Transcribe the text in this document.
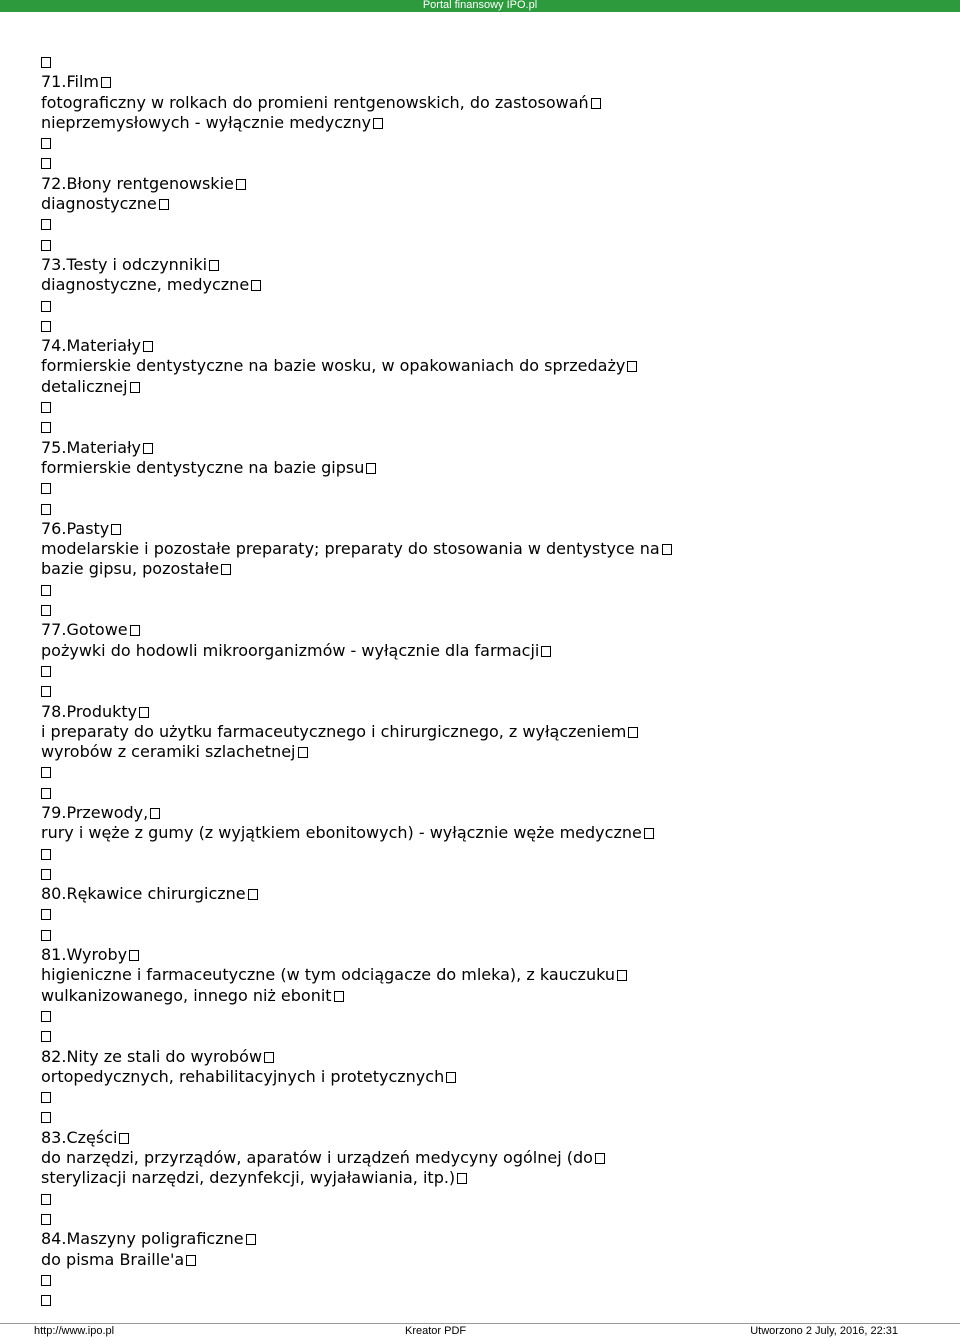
Portal finansowy IPO.pl
71.Film
fotograficzny w rolkach do promieni rentgenowskich, do zastosowań
nieprzemysłowych - wyłącznie medyczny
72.Błony rentgenowskie
diagnostyczne
73.Testy i odczynniki
diagnostyczne, medyczne
74.Materiały
formierskie dentystyczne na bazie wosku, w opakowaniach do sprzedaży
detalicznej
75.Materiały
formierskie dentystyczne na bazie gipsu
76.Pasty
modelarskie i pozostałe preparaty; preparaty do stosowania w dentystyce na
bazie gipsu, pozostałe
77.Gotowe
pożywki do hodowli mikroorganizmów - wyłącznie dla farmacji
78.Produkty
i preparaty do użytku farmaceutycznego i chirurgicznego, z wyłączeniem
wyrobów z ceramiki szlachetnej
79.Przewody,
rury i węże z gumy (z wyjątkiem ebonitowych) - wyłącznie węże medyczne
80.Rękawice chirurgiczne
81.Wyroby
higieniczne i farmaceutyczne (w tym odciągacze do mleka), z kauczuku
wulkanizowanego, innego niż ebonit
82.Nity ze stali do wyrobów
ortopedycznych, rehabilitacyjnych i protetycznych
83.Części
do narzędzi, przyrządów, aparatów i urządzeń medycyny ogólnej (do
sterylizacji narzędzi, dezynfekcji, wyjaławiania, itp.)
84.Maszyny poligraficzne
do pisma Braille'a
http://www.ipo.pl	Kreator PDF	Utworzono 2 July, 2016, 22:31
